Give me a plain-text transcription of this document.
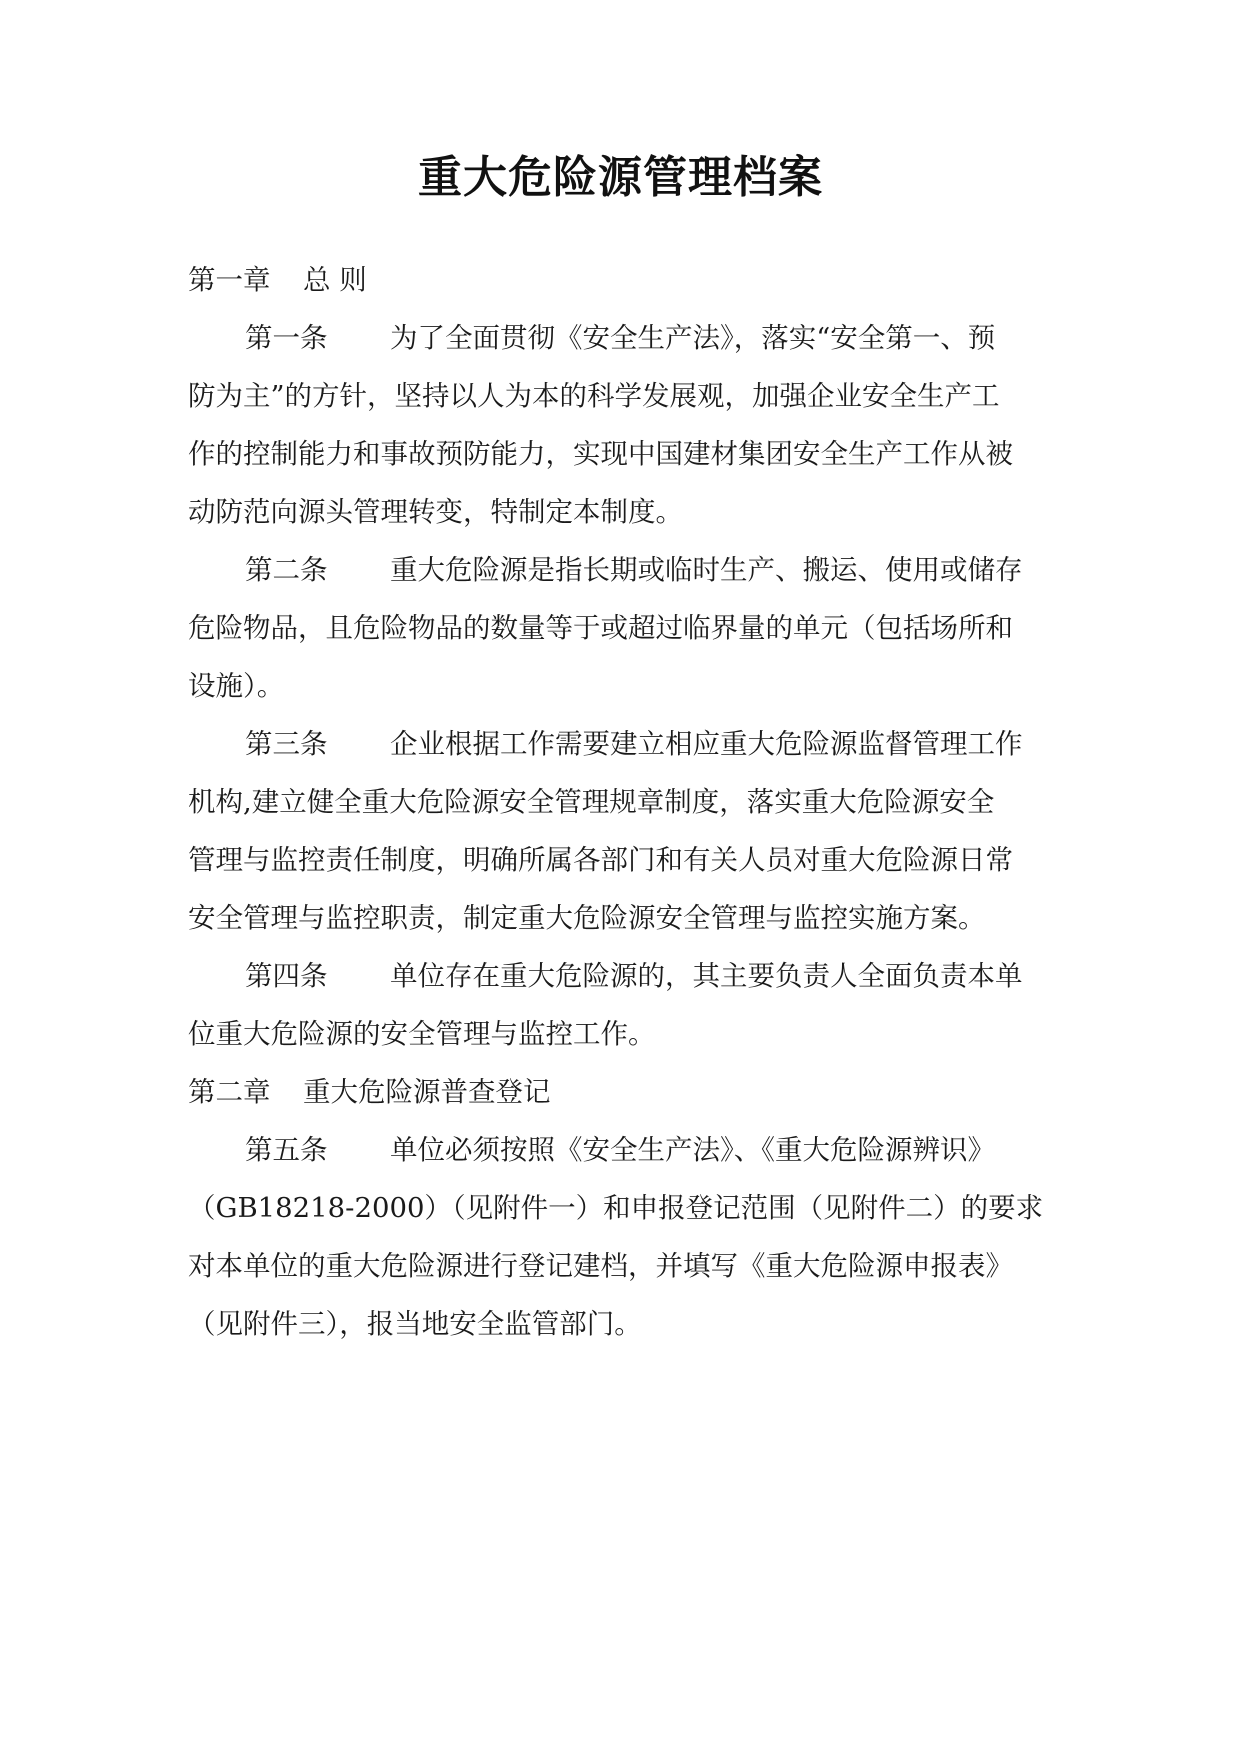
重大危险源管理档案
第一章 总 则
第一条 为了全面贯彻《安全生产法》，落实“安全第一、预
防为主”的方针，坚持以人为本的科学发展观，加强企业安全生产工
作的控制能力和事故预防能力，实现中国建材集团安全生产工作从被
动防范向源头管理转变，特制定本制度。
第二条 重大危险源是指长期或临时生产、搬运、使用或储存
危险物品，且危险物品的数量等于或超过临界量的单元（包括场所和
设施）。
第三条 企业根据工作需要建立相应重大危险源监督管理工作
机构,建立健全重大危险源安全管理规章制度，落实重大危险源安全
管理与监控责任制度，明确所属各部门和有关人员对重大危险源日常
安全管理与监控职责，制定重大危险源安全管理与监控实施方案。
第四条 单位存在重大危险源的，其主要负责人全面负责本单
位重大危险源的安全管理与监控工作。
第二章 重大危险源普查登记
第五条 单位必须按照《安全生产法》、《重大危险源辨识》
（GB18218-2000）（见附件一）和申报登记范围（见附件二）的要求
对本单位的重大危险源进行登记建档，并填写《重大危险源申报表》
（见附件三），报当地安全监管部门。
